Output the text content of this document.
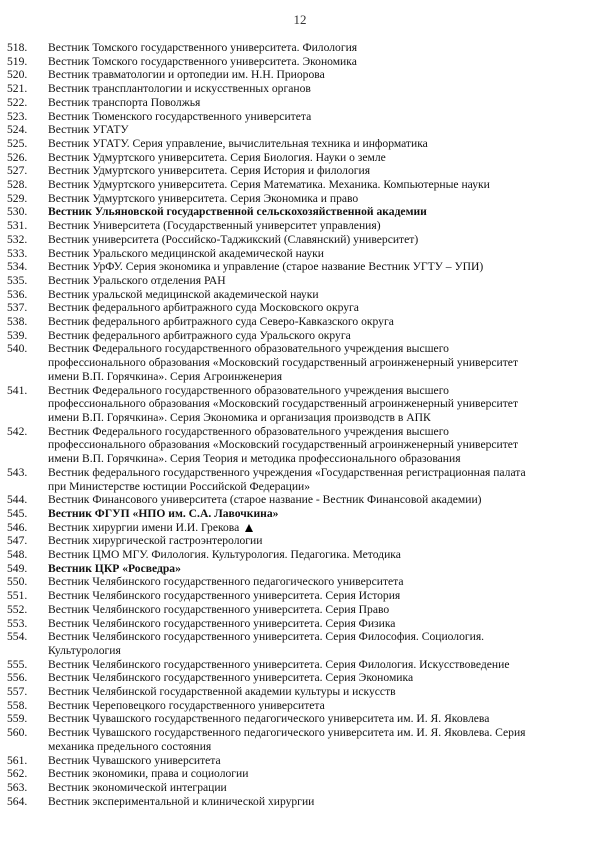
12
518.	Вестник Томского государственного университета. Филология
519.	Вестник Томского государственного университета. Экономика
520.	Вестник травматологии и ортопедии им. Н.Н. Приорова
521.	Вестник трансплантологии и искусственных органов
522.	Вестник транспорта Поволжья
523.	Вестник Тюменского государственного университета
524.	Вестник УГАТУ
525.	Вестник УГАТУ. Серия управление, вычислительная техника и информатика
526.	Вестник Удмуртского университета. Серия Биология. Науки о земле
527.	Вестник Удмуртского университета. Серия История и филология
528.	Вестник Удмуртского университета. Серия Математика. Механика. Компьютерные науки
529.	Вестник Удмуртского университета. Серия Экономика и право
530.	Вестник Ульяновской государственной сельскохозяйственной академии
531.	Вестник Университета (Государственный университет управления)
532.	Вестник университета (Российско-Таджикский (Славянский) университет)
533.	Вестник Уральского медицинской академической науки
534.	Вестник УрФУ. Серия экономика и управление (старое название Вестник УГТУ – УПИ)
535.	Вестник Уральского отделения РАН
536.	Вестник уральской медицинской академической науки
537.	Вестник федерального арбитражного суда Московского округа
538.	Вестник федерального арбитражного суда Северо-Кавказского округа
539.	Вестник федерального арбитражного суда Уральского округа
540.	Вестник Федерального государственного образовательного учреждения высшего
профессионального образования «Московский государственный агроинженерный университет
имени В.П. Горячкина». Серия Агроинженерия
541.	Вестник Федерального государственного образовательного учреждения высшего
профессионального образования «Московский государственный агроинженерный университет
имени В.П. Горячкина». Серия Экономика и организация производств в АПК
542.	Вестник Федерального государственного образовательного учреждения высшего
профессионального образования «Московский государственный агроинженерный университет
имени В.П. Горячкина». Серия Теория и методика профессионального образования
543.	Вестник федерального государственного учреждения «Государственная регистрационная палата
при Министерстве юстиции Российской Федерации»
544.	Вестник Финансового университета (старое название - Вестник Финансовой академии)
545.	Вестник ФГУП «НПО им. С.А. Лавочкина»
546.	Вестник хирургии имени И.И. Грекова
547.	Вестник хирургической гастроэнтерологии
548.	Вестник ЦМО МГУ. Филология. Культурология. Педагогика. Методика
549.	Вестник ЦКР «Росведра»
550.	Вестник Челябинского государственного педагогического университета
551.	Вестник Челябинского государственного университета. Серия История
552.	Вестник Челябинского государственного университета. Серия Право
553.	Вестник Челябинского государственного университета. Серия Физика
554.	Вестник Челябинского государственного университета. Серия Философия. Социология.
Культурология
555.	Вестник Челябинского государственного университета. Серия Филология. Искусствоведение
556.	Вестник Челябинского государственного университета. Серия Экономика
557.	Вестник Челябинской государственной академии культуры и искусств
558.	Вестник Череповецкого государственного университета
559.	Вестник Чувашского государственного педагогического университета им. И. Я. Яковлева
560.	Вестник Чувашского государственного педагогического университета им. И. Я. Яковлева. Серия
механика предельного состояния
561.	Вестник Чувашского университета
562.	Вестник экономики, права и социологии
563.	Вестник экономической интеграции
564.	Вестник экспериментальной и клинической хирургии
